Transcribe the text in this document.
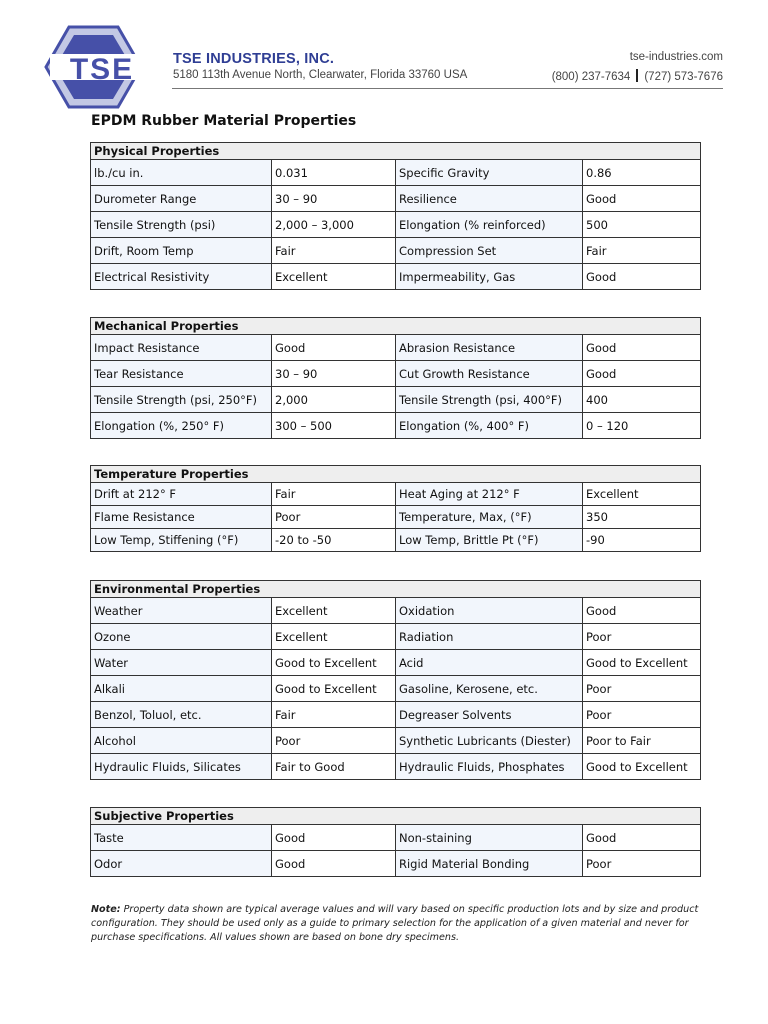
TSE	TSE INDUSTRIES, INC.
5180 113th Avenue North, Clearwater, Florida 33760 USA
tse-industries.com
(800) 237-7634 (727) 573-7676
EPDM Rubber Material Properties
Physical Properties			
lb./cu in.	0.031	Specific Gravity	0.86
Durometer Range	30 – 90	Resilience	Good
Tensile Strength (psi)	2,000 – 3,000	Elongation (% reinforced)	500
Drift, Room Temp	Fair	Compression Set	Fair
Electrical Resistivity	Excellent	Impermeability, Gas	Good
Mechanical Properties			
Impact Resistance	Good	Abrasion Resistance	Good
Tear Resistance	30 – 90	Cut Growth Resistance	Good
Tensile Strength (psi, 250°F)	2,000	Tensile Strength (psi, 400°F)	400
Elongation (%, 250° F)	300 – 500	Elongation (%, 400° F)	0 – 120
Temperature Properties			
Drift at 212° F	Fair	Heat Aging at 212° F	Excellent
Flame Resistance	Poor	Temperature, Max, (°F)	350
Low Temp, Stiffening (°F)	-20 to -50	Low Temp, Brittle Pt (°F)	-90
Environmental Properties			
Weather	Excellent	Oxidation	Good
Ozone	Excellent	Radiation	Poor
Water	Good to Excellent	Acid	Good to Excellent
Alkali	Good to Excellent	Gasoline, Kerosene, etc.	Poor
Benzol, Toluol, etc.	Fair	Degreaser Solvents	Poor
Alcohol	Poor	Synthetic Lubricants (Diester)	Poor to Fair
Hydraulic Fluids, Silicates	Fair to Good	Hydraulic Fluids, Phosphates	Good to Excellent
Subjective Properties			
Taste	Good	Non-staining	Good
Odor	Good	Rigid Material Bonding	Poor
Note: Property data shown are typical average values and will vary based on specific production lots and by size and product configuration. They should be used only as a guide to primary selection for the application of a given material and never for purchase specifications. All values shown are based on bone dry specimens.
